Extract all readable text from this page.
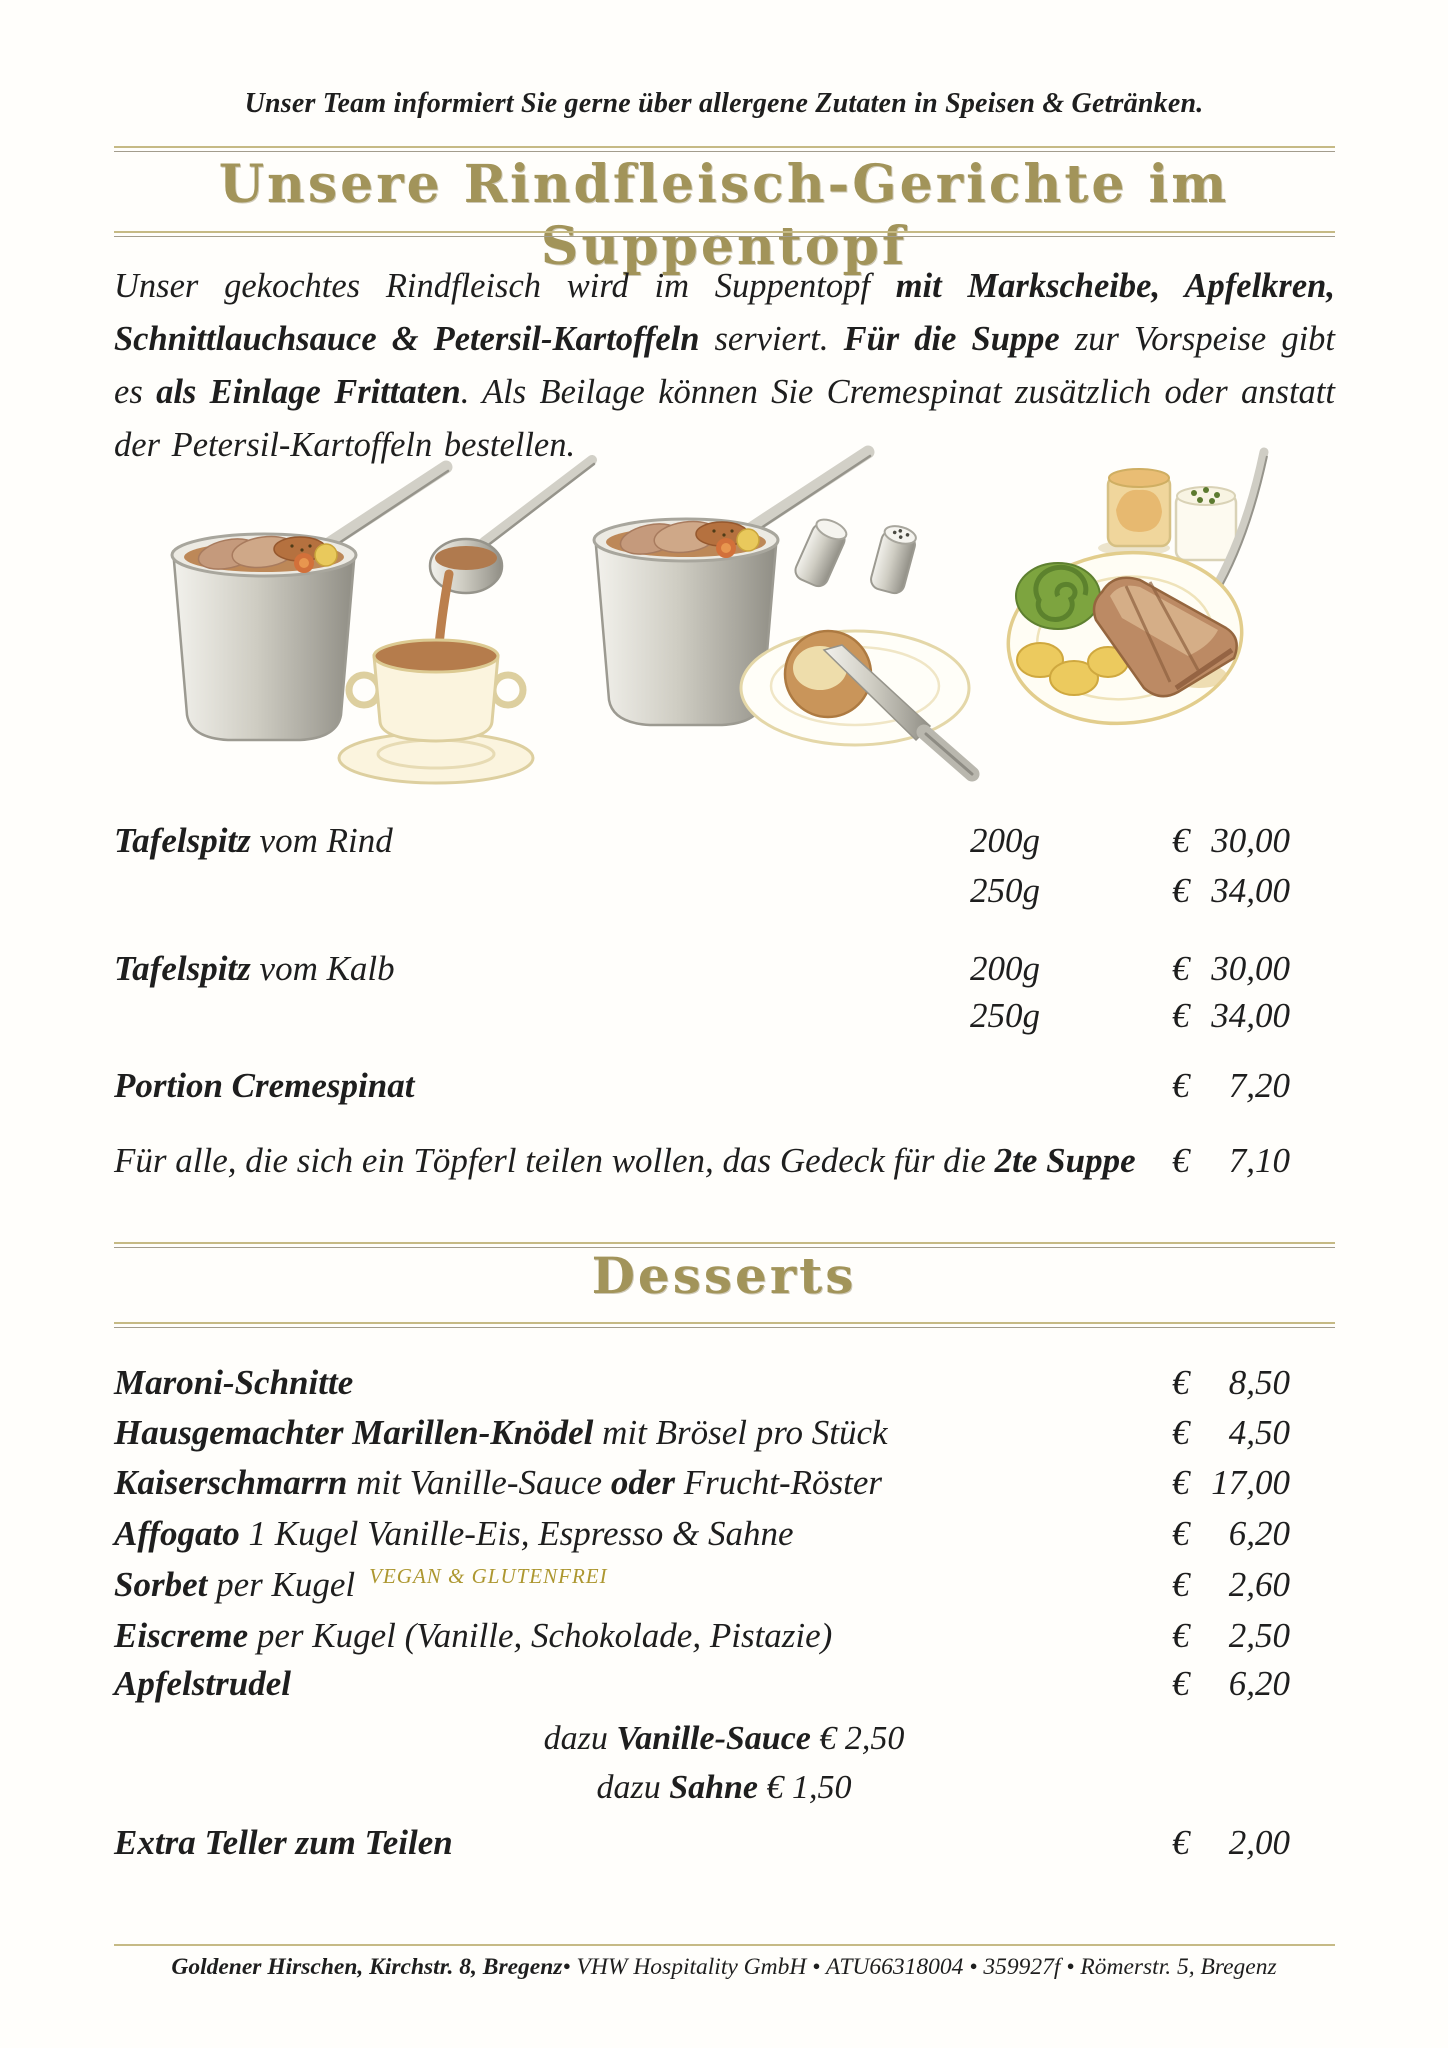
Unser Team informiert Sie gerne über allergene Zutaten in Speisen & Getränken.
Unsere Rindfleisch-Gerichte im Suppentopf
Unser gekochtes Rindfleisch wird im Suppentopf mit Markscheibe, Apfelkren, Schnittlauchsauce & Petersil-Kartoffeln serviert. Für die Suppe zur Vorspeise gibt es als Einlage Frittaten. Als Beilage können Sie Cremespinat zusätzlich oder anstatt der Petersil-Kartoffeln bestellen.
Tafelspitz vom Rind	200g	€ 30,00
250g	€ 34,00
Tafelspitz vom Kalb	200g	€ 30,00
250g	€ 34,00
Portion Cremespinat	€ 7,20
Für alle, die sich ein Töpferl teilen wollen, das Gedeck für die 2te Suppe € 7,10
Desserts
Maroni-Schnitte	€ 8,50
Hausgemachter Marillen-Knödel mit Brösel pro Stück	€ 4,50
Kaiserschmarrn mit Vanille-Sauce oder Frucht-Röster	€ 17,00
Affogato 1 Kugel Vanille-Eis, Espresso & Sahne	€ 6,20
Sorbet per Kugel $^{VEGAN \& GLUTENFREI}$	€ 2,60
Eiscreme per Kugel (Vanille, Schokolade, Pistazie)	€ 2,50
Apfelstrudel	€ 6,20
dazu Vanille-Sauce € 2,50
dazu Sahne € 1,50
Extra Teller zum Teilen	€ 2,00
Goldener Hirschen, Kirchstr. 8, Bregenz• VHW Hospitality GmbH • ATU66318004 • 359927f • Römerstr. 5, Bregenz
